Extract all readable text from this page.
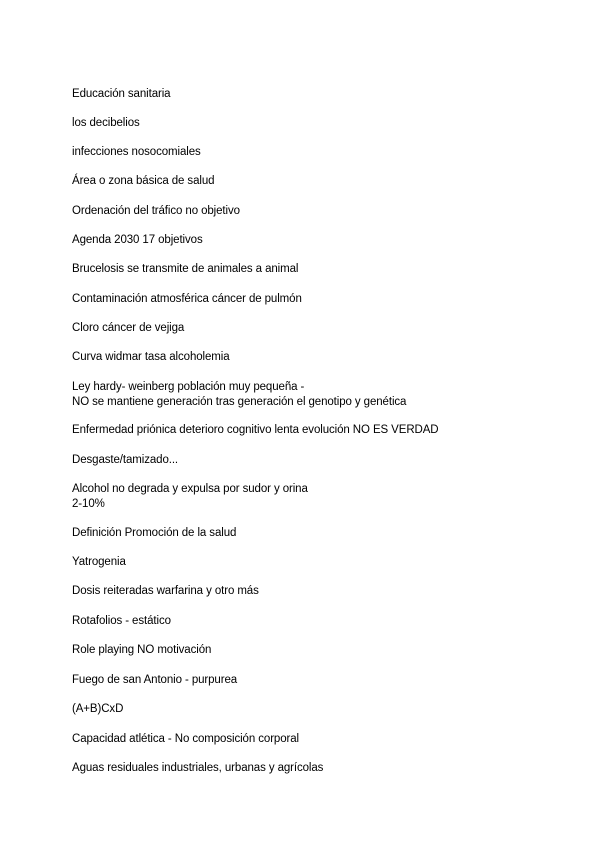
Educación sanitaria

los decibelios

infecciones nosocomiales

Área o zona básica de salud

Ordenación del tráfico no objetivo

Agenda 2030 17 objetivos

Brucelosis se transmite de animales a animal

Contaminación atmosférica cáncer de pulmón

Cloro cáncer de vejiga

Curva widmar tasa alcoholemia

Ley hardy- weinberg población muy pequeña -
NO se mantiene generación tras generación el genotipo y genética

Enfermedad priónica deterioro cognitivo lenta evolución NO ES VERDAD

Desgaste/tamizado...

Alcohol no degrada y expulsa por sudor y orina
2-10%

Definición Promoción de la salud

Yatrogenia

Dosis reiteradas warfarina y otro más

Rotafolios - estático

Role playing NO motivación

Fuego de san Antonio - purpurea

(A+B)CxD

Capacidad atlética - No composición corporal

Aguas residuales industriales, urbanas y agrícolas
